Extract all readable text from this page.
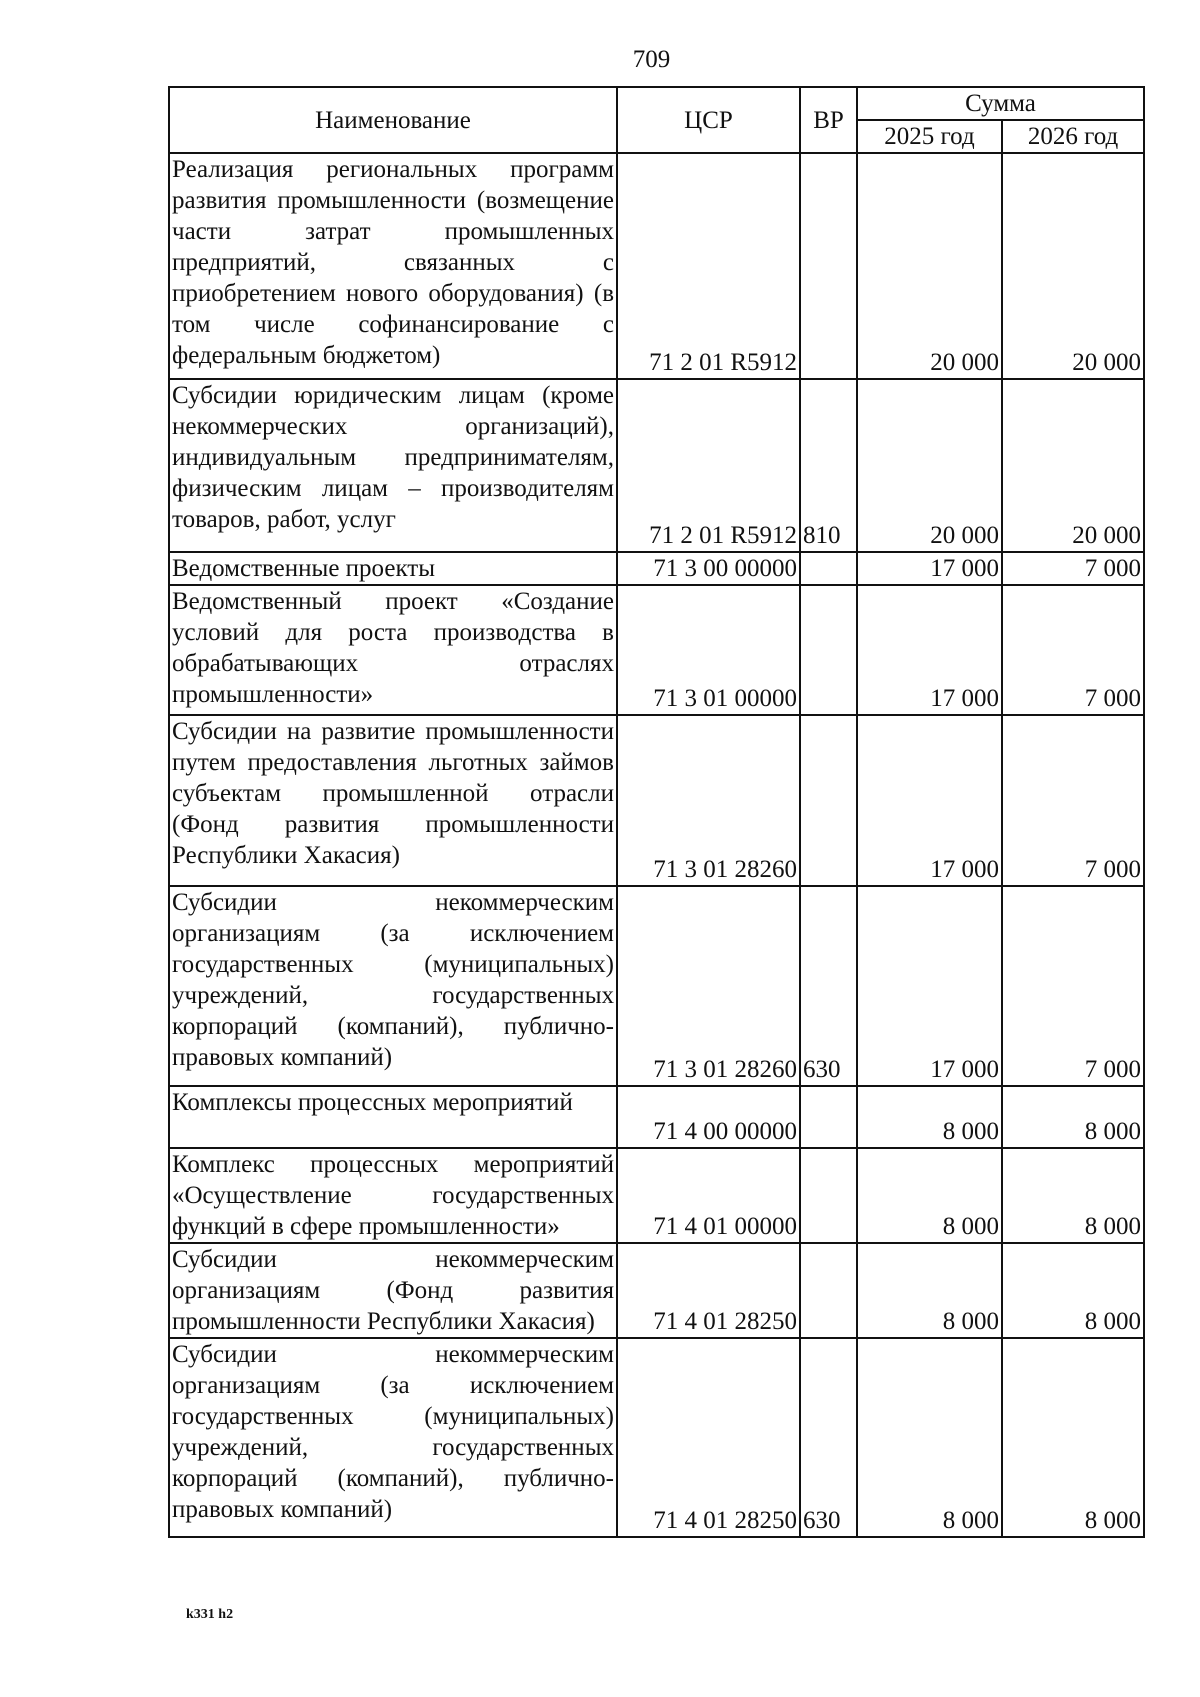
709
Наименование	ЦСР	ВР	Сумма	
			2025 год	2026 год
Реализация региональных программ развития промышленности (возмещение части затрат промышленных предприятий, связанных с приобретением нового оборудования) (в том числе софинансирование с федеральным бюджетом)	71 2 01 R5912		20 000	20 000
Субсидии юридическим лицам (кроме некоммерческих организаций), индивидуальным предпринимателям, физическим лицам – производителям товаров, работ, услуг	71 2 01 R5912	810	20 000	20 000
Ведомственные проекты	71 3 00 00000		17 000	7 000
Ведомственный проект «Создание условий для роста производства в обрабатывающих отраслях промышленности»	71 3 01 00000		17 000	7 000
Субсидии на развитие промышленности путем предоставления льготных займов субъектам промышленной отрасли (Фонд развития промышленности Республики Хакасия)	71 3 01 28260		17 000	7 000
Субсидии некоммерческим организациям (за исключением государственных (муниципальных) учреждений, государственных корпораций (компаний), публично-правовых компаний)	71 3 01 28260	630	17 000	7 000
Комплексы процессных мероприятий	71 4 00 00000		8 000	8 000
Комплекс процессных мероприятий «Осуществление государственных функций в сфере промышленности»	71 4 01 00000		8 000	8 000
Субсидии некоммерческим организациям (Фонд развития промышленности Республики Хакасия)	71 4 01 28250		8 000	8 000
Субсидии некоммерческим организациям (за исключением государственных (муниципальных) учреждений, государственных корпораций (компаний), публично-правовых компаний)	71 4 01 28250	630	8 000	8 000
k331 h2
